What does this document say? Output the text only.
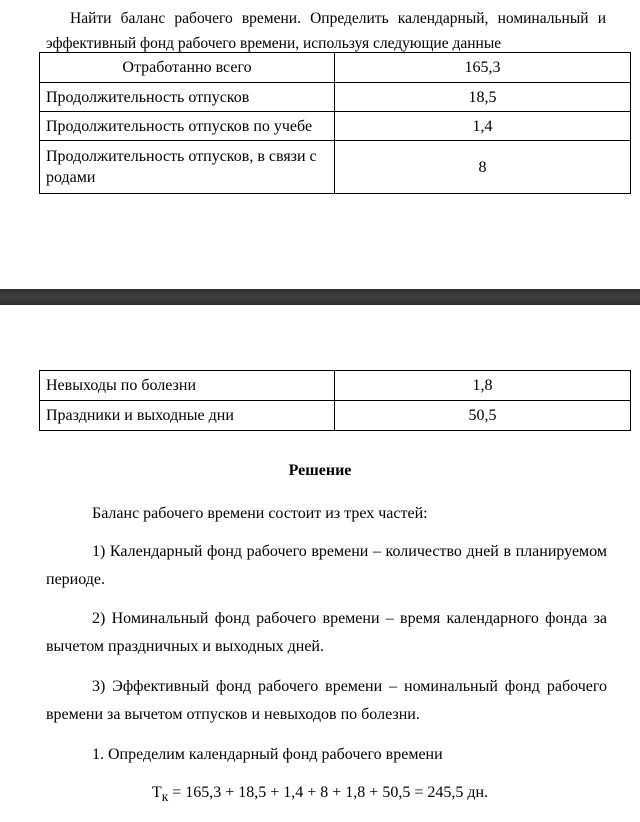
Найти баланс рабочего времени. Определить календарный, номинальный и эффективный фонд рабочего времени, используя следующие данные

Отработанно всего	165,3
Продолжительность отпусков	18,5
Продолжительность отпусков по учебе	1,4
Продолжительность отпусков, в связи с родами	8
Невыходы по болезни	1,8
Праздники и выходные дни	50,5

Решение

Баланс рабочего времени состоит из трех частей:

1) Календарный фонд рабочего времени – количество дней в планируемом периоде.

2) Номинальный фонд рабочего времени – время календарного фонда за вычетом праздничных и выходных дней.

3) Эффективный фонд рабочего времени – номинальный фонд рабочего времени за вычетом отпусков и невыходов по болезни.

1. Определим календарный фонд рабочего времени

$Т_к = 165,3 + 18,5 + 1,4 + 8 + 1,8 + 50,5 = 245,5$ дн.
